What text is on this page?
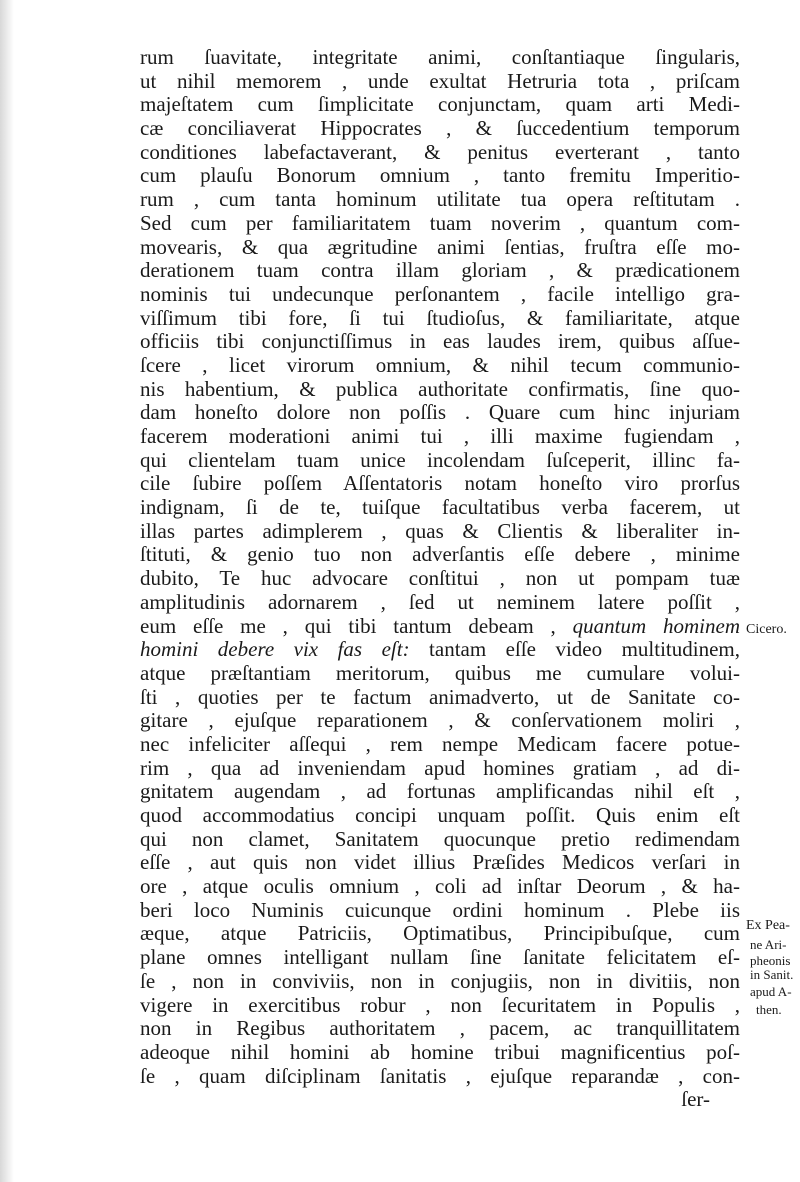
rum ſuavitate, integritate animi, conſtantiaque ſingularis,
ut nihil memorem , unde exultat Hetruria tota , priſcam
majeſtatem cum ſimplicitate conjunctam, quam arti Medi-
cæ conciliaverat Hippocrates , & ſuccedentium temporum
conditiones labefactaverant, & penitus everterant , tanto
cum plauſu Bonorum omnium , tanto fremitu Imperitio-
rum , cum tanta hominum utilitate tua opera reſtitutam .
Sed cum per familiaritatem tuam noverim , quantum com-
movearis, & qua ægritudine animi ſentias, fruſtra eſſe mo-
derationem tuam contra illam gloriam , & prædicationem
nominis tui undecunque perſonantem , facile intelligo gra-
viſſimum tibi fore, ſi tui ſtudioſus, & familiaritate, atque
officiis tibi conjunctiſſimus in eas laudes irem, quibus aſſue-
ſcere , licet virorum omnium, & nihil tecum communio-
nis habentium, & publica authoritate confirmatis, ſine quo-
dam honeſto dolore non poſſis . Quare cum hinc injuriam
facerem moderationi animi tui , illi maxime fugiendam ,
qui clientelam tuam unice incolendam ſuſceperit, illinc fa-
cile ſubire poſſem Aſſentatoris notam honeſto viro prorſus
indignam, ſi de te, tuiſque facultatibus verba facerem, ut
illas partes adimplerem , quas & Clientis & liberaliter in-
ſtituti, & genio tuo non adverſantis eſſe debere , minime
dubito, Te huc advocare conſtitui , non ut pompam tuæ
amplitudinis adornarem , ſed ut neminem latere poſſit ,
eum eſſe me , qui tibi tantum debeam , quantum hominem
homini debere vix fas eſt: tantam eſſe video multitudinem,
atque præſtantiam meritorum, quibus me cumulare volui-
ſti , quoties per te factum animadverto, ut de Sanitate co-
gitare , ejuſque reparationem , & conſervationem moliri ,
nec infeliciter aſſequi , rem nempe Medicam facere potue-
rim , qua ad inveniendam apud homines gratiam , ad di-
gnitatem augendam , ad fortunas amplificandas nihil eſt ,
quod accommodatius concipi unquam poſſit. Quis enim eſt
qui non clamet, Sanitatem quocunque pretio redimendam
eſſe , aut quis non videt illius Præſides Medicos verſari in
ore , atque oculis omnium , coli ad inſtar Deorum , & ha-
beri loco Numinis cuicunque ordini hominum . Plebe iis
æque, atque Patriciis, Optimatibus, Principibuſque, cum
plane omnes intelligant nullam ſine ſanitate felicitatem eſ-
ſe , non in conviviis, non in conjugiis, non in divitiis, non
vigere in exercitibus robur , non ſecuritatem in Populis ,
non in Regibus authoritatem , pacem, ac tranquillitatem
adeoque nihil homini ab homine tribui magnificentius poſ-
ſe , quam diſciplinam ſanitatis , ejuſque reparandæ , con-
ſer-
Cicero.
Ex Pea-
ne Ari-
pheonis
in Sanit.
apud A-
then.
